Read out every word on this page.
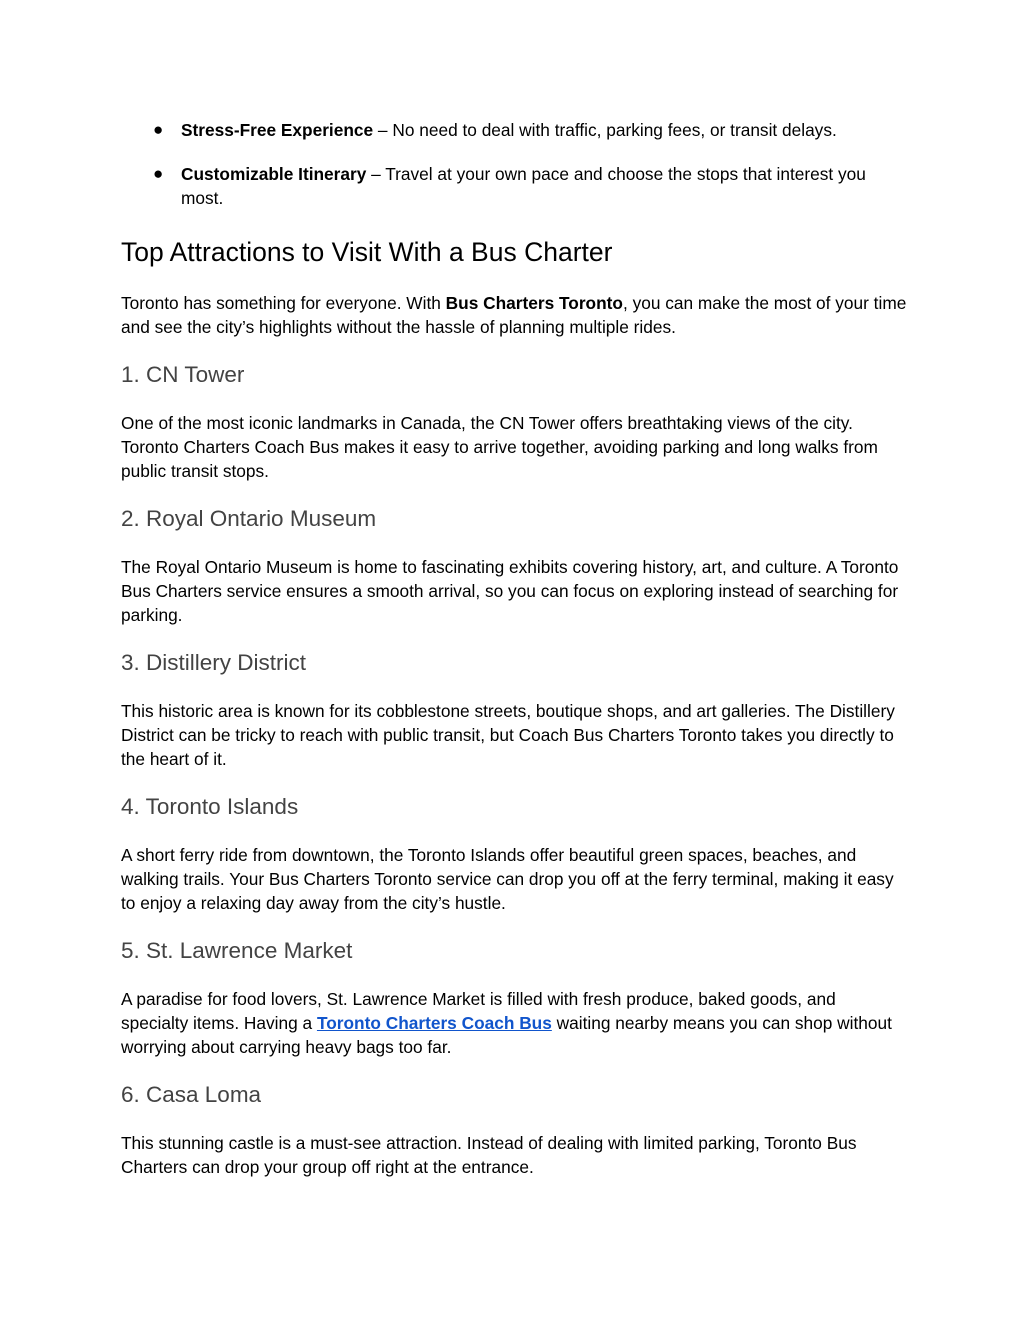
● Stress-Free Experience – No need to deal with traffic, parking fees, or transit delays.
● Customizable Itinerary – Travel at your own pace and choose the stops that interest you most.
Top Attractions to Visit With a Bus Charter

Toronto has something for everyone. With Bus Charters Toronto, you can make the most of your time and see the city’s highlights without the hassle of planning multiple rides.

1. CN Tower

One of the most iconic landmarks in Canada, the CN Tower offers breathtaking views of the city. Toronto Charters Coach Bus makes it easy to arrive together, avoiding parking and long walks from public transit stops.

2. Royal Ontario Museum

The Royal Ontario Museum is home to fascinating exhibits covering history, art, and culture. A Toronto Bus Charters service ensures a smooth arrival, so you can focus on exploring instead of searching for parking.

3. Distillery District

This historic area is known for its cobblestone streets, boutique shops, and art galleries. The Distillery District can be tricky to reach with public transit, but Coach Bus Charters Toronto takes you directly to the heart of it.

4. Toronto Islands

A short ferry ride from downtown, the Toronto Islands offer beautiful green spaces, beaches, and walking trails. Your Bus Charters Toronto service can drop you off at the ferry terminal, making it easy to enjoy a relaxing day away from the city’s hustle.

5. St. Lawrence Market

A paradise for food lovers, St. Lawrence Market is filled with fresh produce, baked goods, and specialty items. Having a Toronto Charters Coach Bus waiting nearby means you can shop without worrying about carrying heavy bags too far.

6. Casa Loma

This stunning castle is a must-see attraction. Instead of dealing with limited parking, Toronto Bus Charters can drop your group off right at the entrance.
